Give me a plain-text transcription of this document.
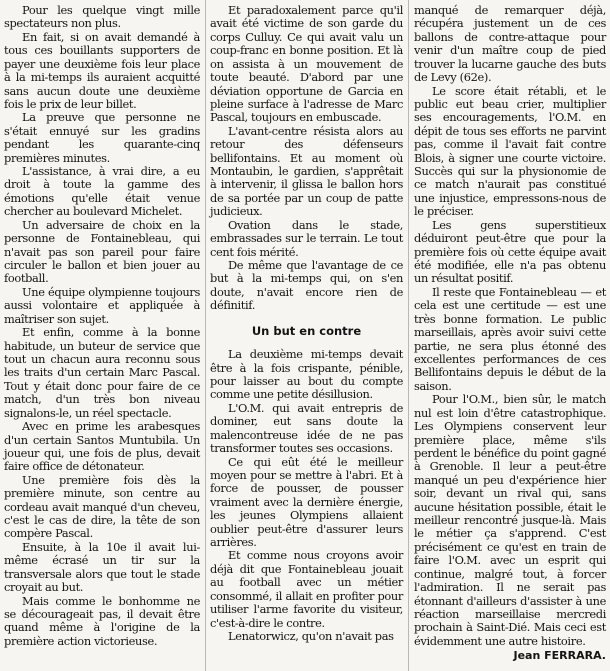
Pour les quelque vingt mille spectateurs non plus.

En fait, si on avait demandé à tous ces bouillants supporters de payer une deuxième fois leur place à la mi-temps ils auraient acquitté sans aucun doute une deuxième fois le prix de leur billet.

La preuve que personne ne s'était ennuyé sur les gradins pendant les quarante-cinq premières minutes.

L'assistance, à vrai dire, a eu droit à toute la gamme des émotions qu'elle était venue chercher au boulevard Michelet.

Un adversaire de choix en la personne de Fontainebleau, qui n'avait pas son pareil pour faire circuler le ballon et bien jouer au football.

Une équipe olympienne toujours aussi volontaire et appliquée à maîtriser son sujet.

Et enfin, comme à la bonne habitude, un buteur de service que tout un chacun aura reconnu sous les traits d'un certain Marc Pascal. Tout y était donc pour faire de ce match, d'un très bon niveau signalons-le, un réel spectacle.

Avec en prime les arabesques d'un certain Santos Muntubila. Un joueur qui, une fois de plus, devait faire office de détonateur.

Une première fois dès la première minute, son centre au cordeau avait manqué d'un cheveu, c'est le cas de dire, la tête de son compère Pascal.

Ensuite, à la 10e il avait lui-même écrasé un tir sur la transversale alors que tout le stade croyait au but.

Mais comme le bonhomme ne se décourageait pas, il devait être quand même à l'origine de la première action victorieuse.

Et paradoxalement parce qu'il avait été victime de son garde du corps Culluy. Ce qui avait valu un coup-franc en bonne position. Et là on assista à un mouvement de toute beauté. D'abord par une déviation opportune de Garcia en pleine surface à l'adresse de Marc Pascal, toujours en embuscade.

L'avant-centre résista alors au retour des défenseurs bellifontains. Et au moment où Montaubin, le gardien, s'apprêtait à intervenir, il glissa le ballon hors de sa portée par un coup de patte judicieux.

Ovation dans le stade, embrassades sur le terrain. Le tout cent fois mérité.

De même que l'avantage de ce but à la mi-temps qui, on s'en doute, n'avait encore rien de définitif.

Un but en contre

La deuxième mi-temps devait être à la fois crispante, pénible, pour laisser au bout du compte comme une petite désillusion.

L'O.M. qui avait entrepris de dominer, eut sans doute la malencontreuse idée de ne pas transformer toutes ses occasions.

Ce qui eût été le meilleur moyen pour se mettre à l'abri. Et à force de pousser, de pousser vraiment avec la dernière énergie, les jeunes Olympiens allaient oublier peut-être d'assurer leurs arrières.

Et comme nous croyons avoir déjà dit que Fontainebleau jouait au football avec un métier consommé, il allait en profiter pour utiliser l'arme favorite du visiteur, c'est-à-dire le contre.

Lenatorwicz, qu'on n'avait pas

manqué de remarquer déjà, récupéra justement un de ces ballons de contre-attaque pour venir d'un maître coup de pied trouver la lucarne gauche des buts de Levy (62e).

Le score était rétabli, et le public eut beau crier, multiplier ses encouragements, l'O.M. en dépit de tous ses efforts ne parvint pas, comme il l'avait fait contre Blois, à signer une courte victoire. Succès qui sur la physionomie de ce match n'aurait pas constitué une injustice, empressons-nous de le préciser.

Les gens superstitieux déduiront peut-être que pour la première fois où cette équipe avait été modifiée, elle n'a pas obtenu un résultat positif.

Il reste que Fontainebleau — et cela est une certitude — est une très bonne formation. Le public marseillais, après avoir suivi cette partie, ne sera plus étonné des excellentes performances de ces Bellifontains depuis le début de la saison.

Pour l'O.M., bien sûr, le match nul est loin d'être catastrophique. Les Olympiens conservent leur première place, même s'ils perdent le bénéfice du point gagné à Grenoble. Il leur a peut-être manqué un peu d'expérience hier soir, devant un rival qui, sans aucune hésitation possible, était le meilleur rencontré jusque-là. Mais le métier ça s'apprend. C'est précisément ce qu'est en train de faire l'O.M. avec un esprit qui continue, malgré tout, à forcer l'admiration. Il ne serait pas étonnant d'ailleurs d'assister à une réaction marseillaise mercredi prochain à Saint-Dié. Mais ceci est évidemment une autre histoire.

Jean FERRARA.
